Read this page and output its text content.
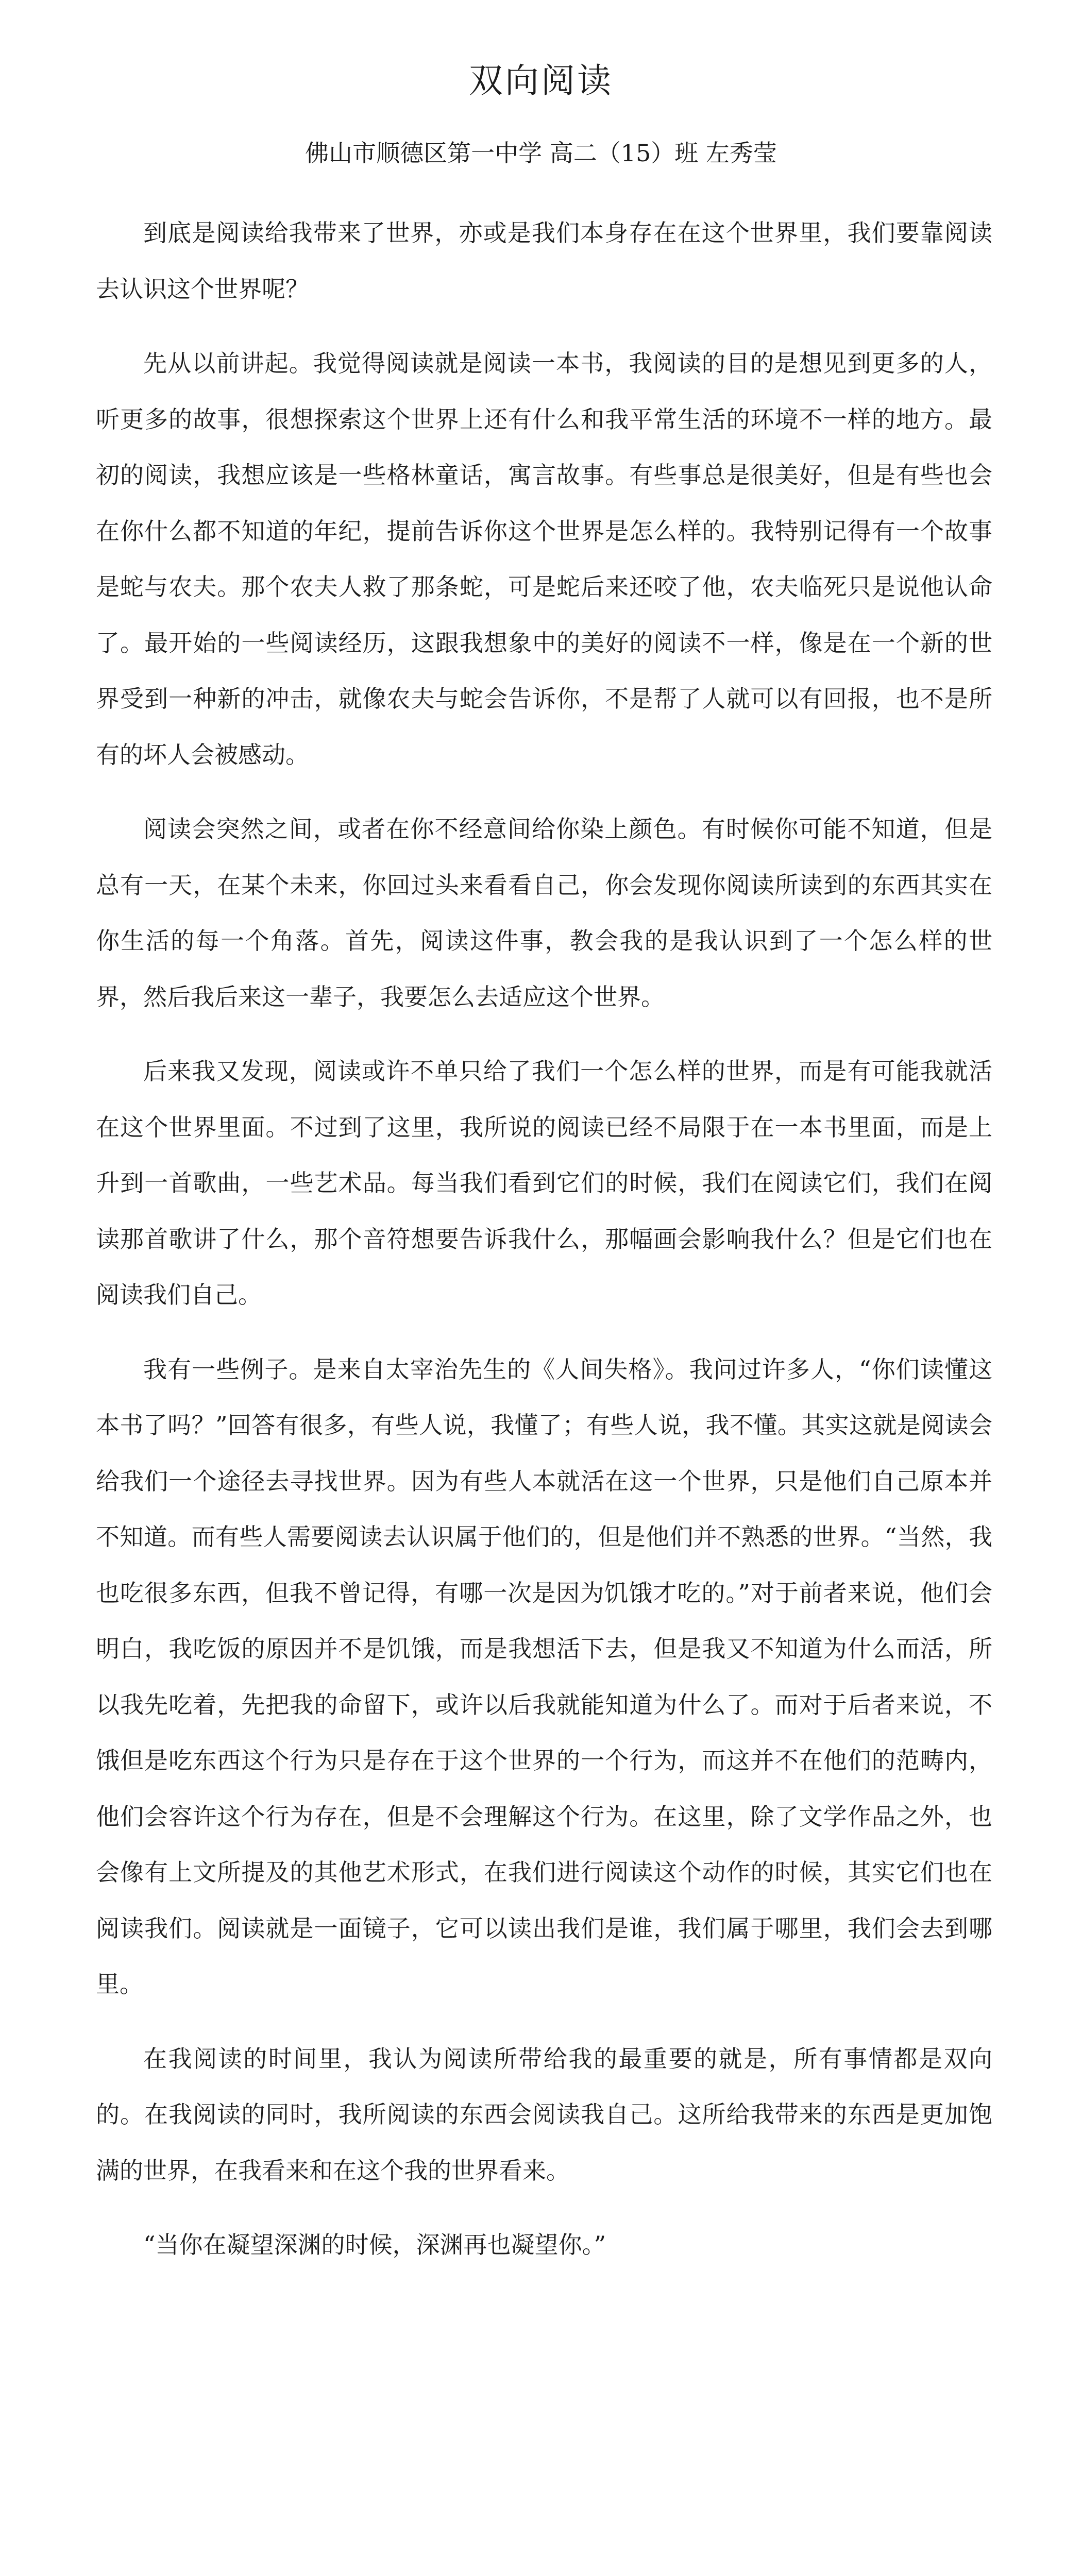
双向阅读

佛山市顺德区第一中学 高二（15）班 左秀莹

到底是阅读给我带来了世界，亦或是我们本身存在在这个世界里，我们要靠阅读去认识这个世界呢？

先从以前讲起。我觉得阅读就是阅读一本书，我阅读的目的是想见到更多的人，听更多的故事，很想探索这个世界上还有什么和我平常生活的环境不一样的地方。最初的阅读，我想应该是一些格林童话，寓言故事。有些事总是很美好，但是有些也会在你什么都不知道的年纪，提前告诉你这个世界是怎么样的。我特别记得有一个故事是蛇与农夫。那个农夫人救了那条蛇，可是蛇后来还咬了他，农夫临死只是说他认命了。最开始的一些阅读经历，这跟我想象中的美好的阅读不一样，像是在一个新的世界受到一种新的冲击，就像农夫与蛇会告诉你，不是帮了人就可以有回报，也不是所有的坏人会被感动。

阅读会突然之间，或者在你不经意间给你染上颜色。有时候你可能不知道，但是总有一天，在某个未来，你回过头来看看自己，你会发现你阅读所读到的东西其实在你生活的每一个角落。首先，阅读这件事，教会我的是我认识到了一个怎么样的世界，然后我后来这一辈子，我要怎么去适应这个世界。

后来我又发现，阅读或许不单只给了我们一个怎么样的世界，而是有可能我就活在这个世界里面。不过到了这里，我所说的阅读已经不局限于在一本书里面，而是上升到一首歌曲，一些艺术品。每当我们看到它们的时候，我们在阅读它们，我们在阅读那首歌讲了什么，那个音符想要告诉我什么，那幅画会影响我什么？但是它们也在阅读我们自己。

我有一些例子。是来自太宰治先生的《人间失格》。我问过许多人，“你们读懂这本书了吗？”回答有很多，有些人说，我懂了；有些人说，我不懂。其实这就是阅读会给我们一个途径去寻找世界。因为有些人本就活在这一个世界，只是他们自己原本并不知道。而有些人需要阅读去认识属于他们的，但是他们并不熟悉的世界。“当然，我也吃很多东西，但我不曾记得，有哪一次是因为饥饿才吃的。”对于前者来说，他们会明白，我吃饭的原因并不是饥饿，而是我想活下去，但是我又不知道为什么而活，所以我先吃着，先把我的命留下，或许以后我就能知道为什么了。而对于后者来说，不饿但是吃东西这个行为只是存在于这个世界的一个行为，而这并不在他们的范畴内，他们会容许这个行为存在，但是不会理解这个行为。在这里，除了文学作品之外，也会像有上文所提及的其他艺术形式，在我们进行阅读这个动作的时候，其实它们也在阅读我们。阅读就是一面镜子，它可以读出我们是谁，我们属于哪里，我们会去到哪里。

在我阅读的时间里，我认为阅读所带给我的最重要的就是，所有事情都是双向的。在我阅读的同时，我所阅读的东西会阅读我自己。这所给我带来的东西是更加饱满的世界，在我看来和在这个我的世界看来。

“当你在凝望深渊的时候，深渊再也凝望你。”
